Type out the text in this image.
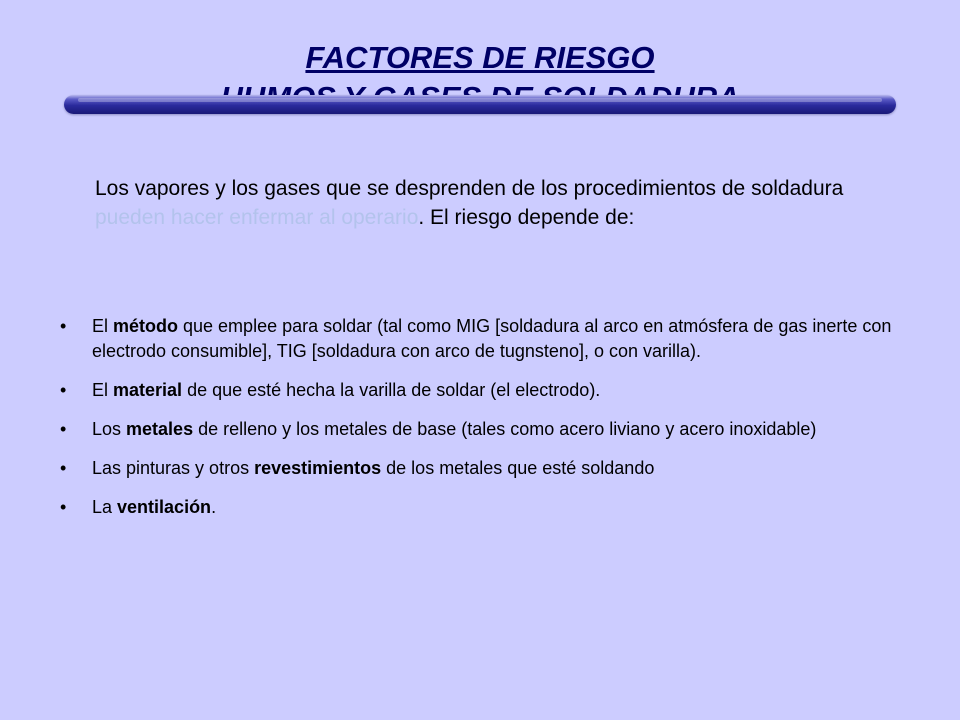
FACTORES DE RIESGO

Los vapores y los gases que se desprenden de los procedimientos de soldadura pueden hacer enfermar al operario. El riesgo depende de:

•	El método que emplee para soldar (tal como MIG [soldadura al arco en atmósfera de gas inerte con electrodo consumible], TIG [soldadura con arco de tugnsteno], o con varilla).
•	El material de que esté hecha la varilla de soldar (el electrodo).
•	Los metales de relleno y los metales de base (tales como acero liviano y acero inoxidable)
•	Las pinturas y otros revestimientos de los metales que esté soldando
•	La ventilación.
